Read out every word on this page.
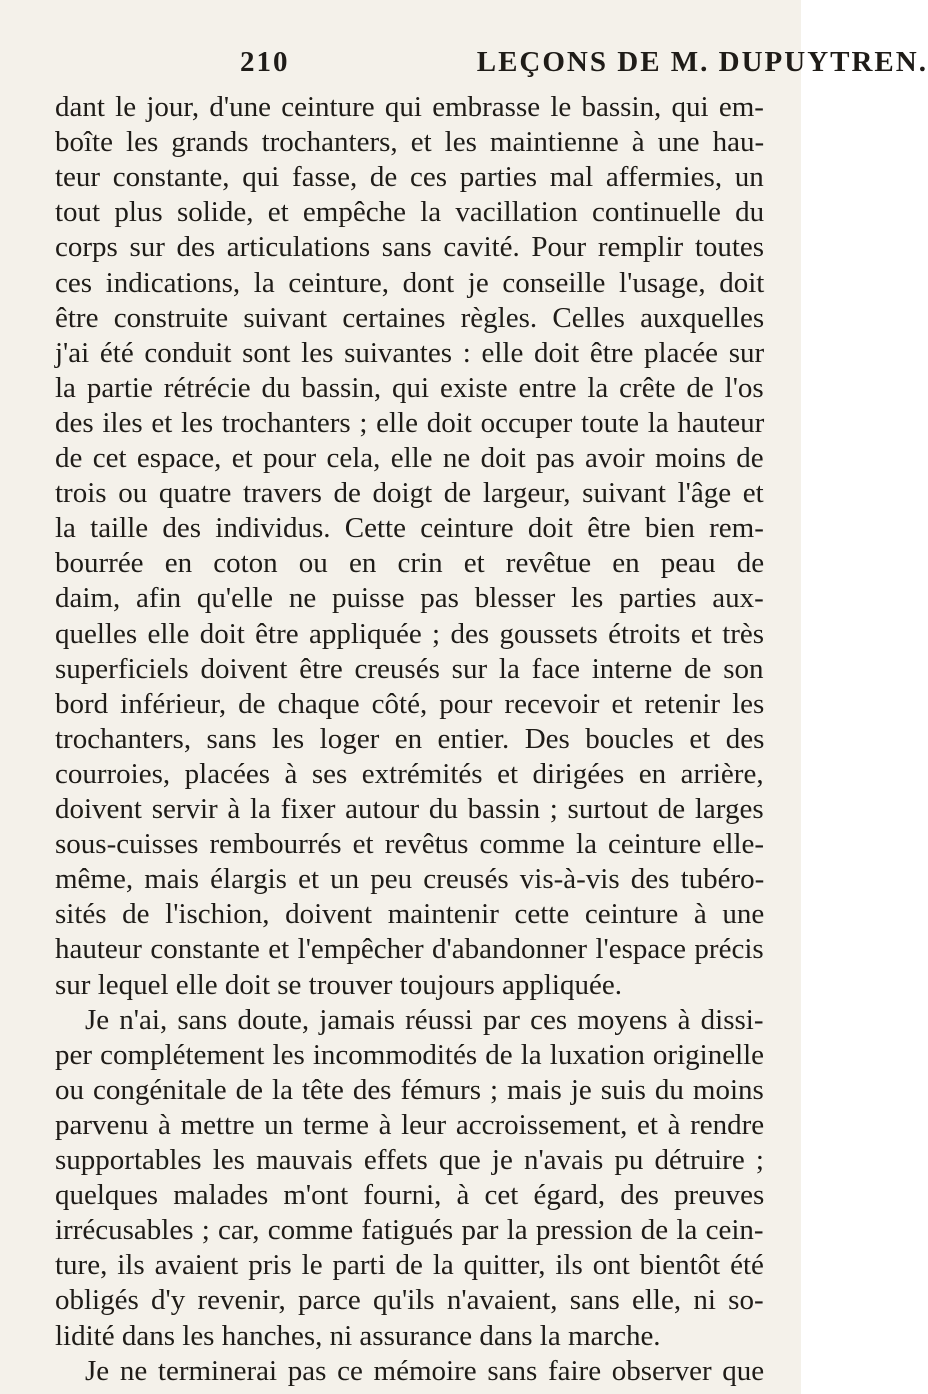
210	LEÇONS DE M. DUPUYTREN.
dant le jour, d'une ceinture qui embrasse le bassin, qui em-
boîte les grands trochanters, et les maintienne à une hau-
teur constante, qui fasse, de ces parties mal affermies, un
tout plus solide, et empêche la vacillation continuelle du
corps sur des articulations sans cavité. Pour remplir toutes
ces indications, la ceinture, dont je conseille l'usage, doit
être construite suivant certaines règles. Celles auxquelles
j'ai été conduit sont les suivantes : elle doit être placée sur
la partie rétrécie du bassin, qui existe entre la crête de l'os
des iles et les trochanters ; elle doit occuper toute la hauteur
de cet espace, et pour cela, elle ne doit pas avoir moins de
trois ou quatre travers de doigt de largeur, suivant l'âge et
la taille des individus. Cette ceinture doit être bien rem-
bourrée en coton ou en crin et revêtue en peau de
daim, afin qu'elle ne puisse pas blesser les parties aux-
quelles elle doit être appliquée ; des goussets étroits et très
superficiels doivent être creusés sur la face interne de son
bord inférieur, de chaque côté, pour recevoir et retenir les
trochanters, sans les loger en entier. Des boucles et des
courroies, placées à ses extrémités et dirigées en arrière,
doivent servir à la fixer autour du bassin ; surtout de larges
sous-cuisses rembourrés et revêtus comme la ceinture elle-
même, mais élargis et un peu creusés vis-à-vis des tubéro-
sités de l'ischion, doivent maintenir cette ceinture à une
hauteur constante et l'empêcher d'abandonner l'espace précis
sur lequel elle doit se trouver toujours appliquée.
Je n'ai, sans doute, jamais réussi par ces moyens à dissi-
per complétement les incommodités de la luxation originelle
ou congénitale de la tête des fémurs ; mais je suis du moins
parvenu à mettre un terme à leur accroissement, et à rendre
supportables les mauvais effets que je n'avais pu détruire ;
quelques malades m'ont fourni, à cet égard, des preuves
irrécusables ; car, comme fatigués par la pression de la cein-
ture, ils avaient pris le parti de la quitter, ils ont bientôt été
obligés d'y revenir, parce qu'ils n'avaient, sans elle, ni so-
lidité dans les hanches, ni assurance dans la marche.
Je ne terminerai pas ce mémoire sans faire observer que
